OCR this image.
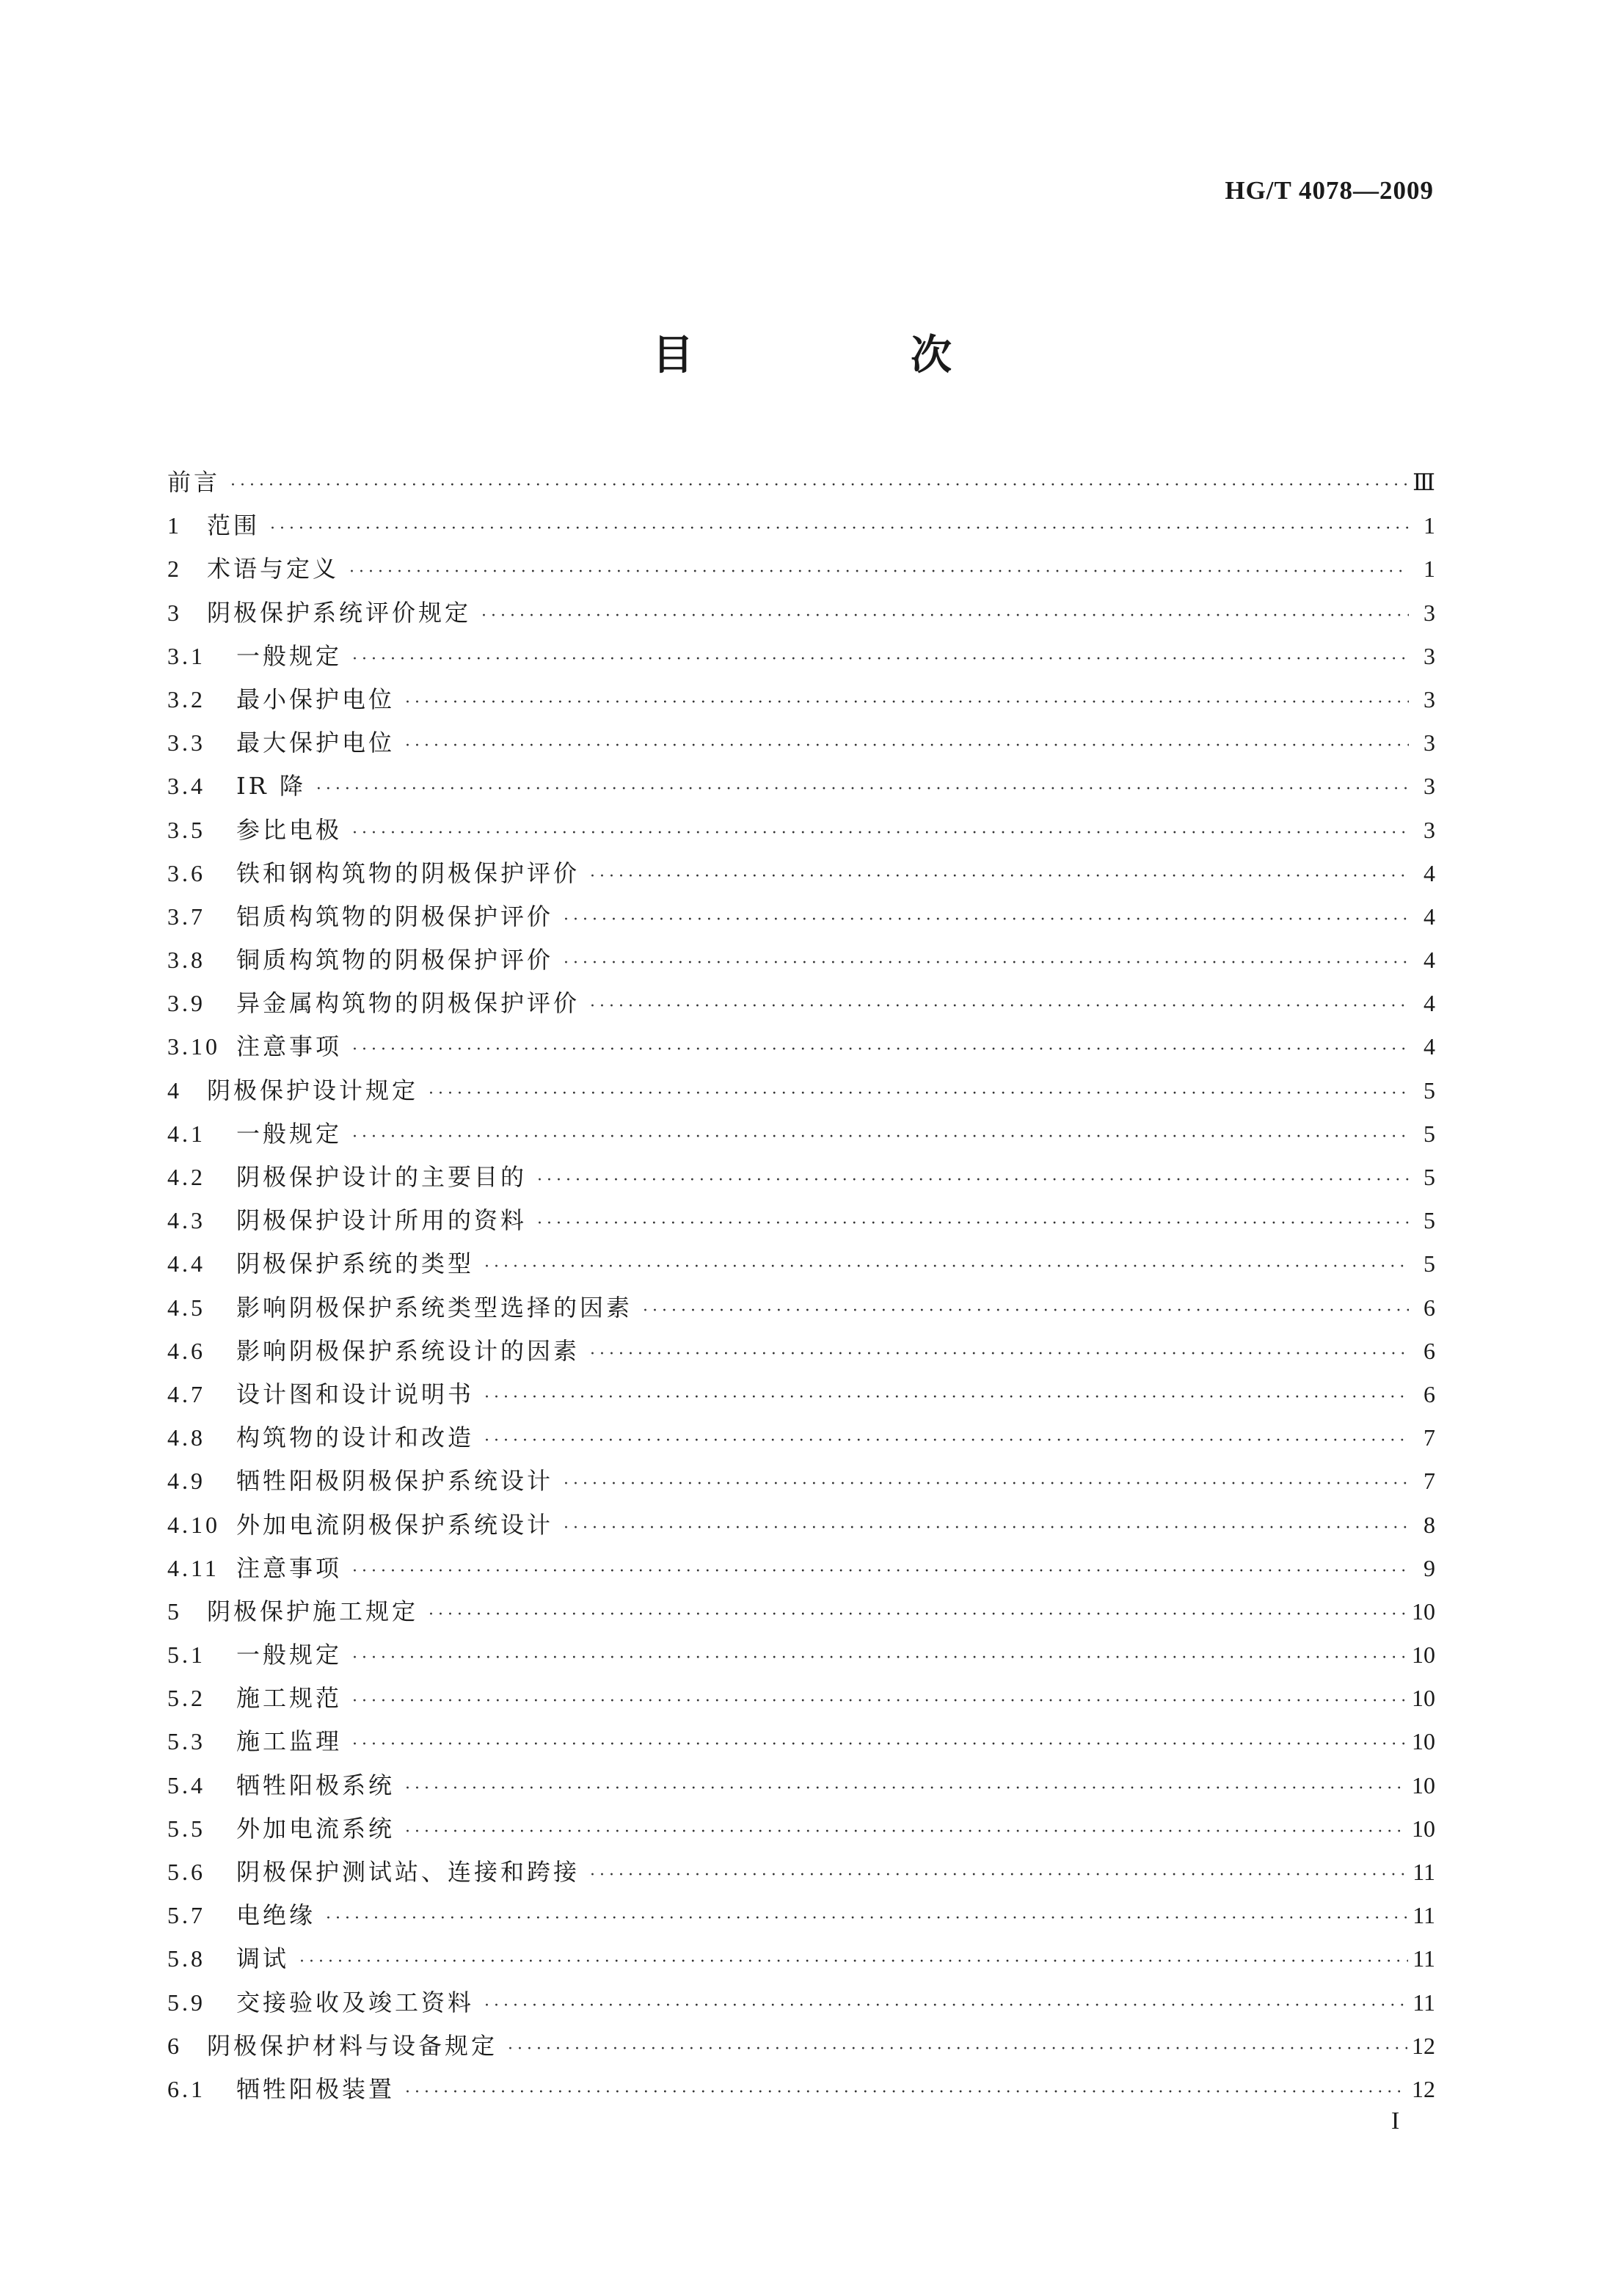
HG/T 4078—2009
目　次
前言 ·····	Ⅲ
1	范围 ·····	1
2	术语与定义 ·····	1
3	阴极保护系统评价规定 ·····	3
3.1	一般规定 ·····	3
3.2	最小保护电位 ·····	3
3.3	最大保护电位 ·····	3
3.4	IR 降 ·····	3
3.5	参比电极 ·····	3
3.6	铁和钢构筑物的阴极保护评价 ·····	4
3.7	铝质构筑物的阴极保护评价 ·····	4
3.8	铜质构筑物的阴极保护评价 ·····	4
3.9	异金属构筑物的阴极保护评价 ·····	4
3.10 注意事项 ·····	4
4	阴极保护设计规定 ·····	5
4.1	一般规定 ·····	5
4.2	阴极保护设计的主要目的 ·····	5
4.3	阴极保护设计所用的资料 ·····	5
4.4	阴极保护系统的类型 ·····	5
4.5	影响阴极保护系统类型选择的因素 ·····	6
4.6	影响阴极保护系统设计的因素 ·····	6
4.7	设计图和设计说明书 ·····	6
4.8	构筑物的设计和改造 ·····	7
4.9	牺牲阳极阴极保护系统设计 ·····	7
4.10 外加电流阴极保护系统设计 ·····	8
4.11 注意事项 ·····	9
5	阴极保护施工规定 ·····	10
5.1	一般规定 ·····	10
5.2	施工规范 ·····	10
5.3	施工监理 ·····	10
5.4	牺牲阳极系统 ·····	10
5.5	外加电流系统 ·····	10
5.6	阴极保护测试站、连接和跨接 ·····	11
5.7	电绝缘 ·····	11
5.8	调试 ·····	11
5.9	交接验收及竣工资料 ·····	11
6	阴极保护材料与设备规定 ·····	12
6.1	牺牲阳极装置 ·····	12
I
